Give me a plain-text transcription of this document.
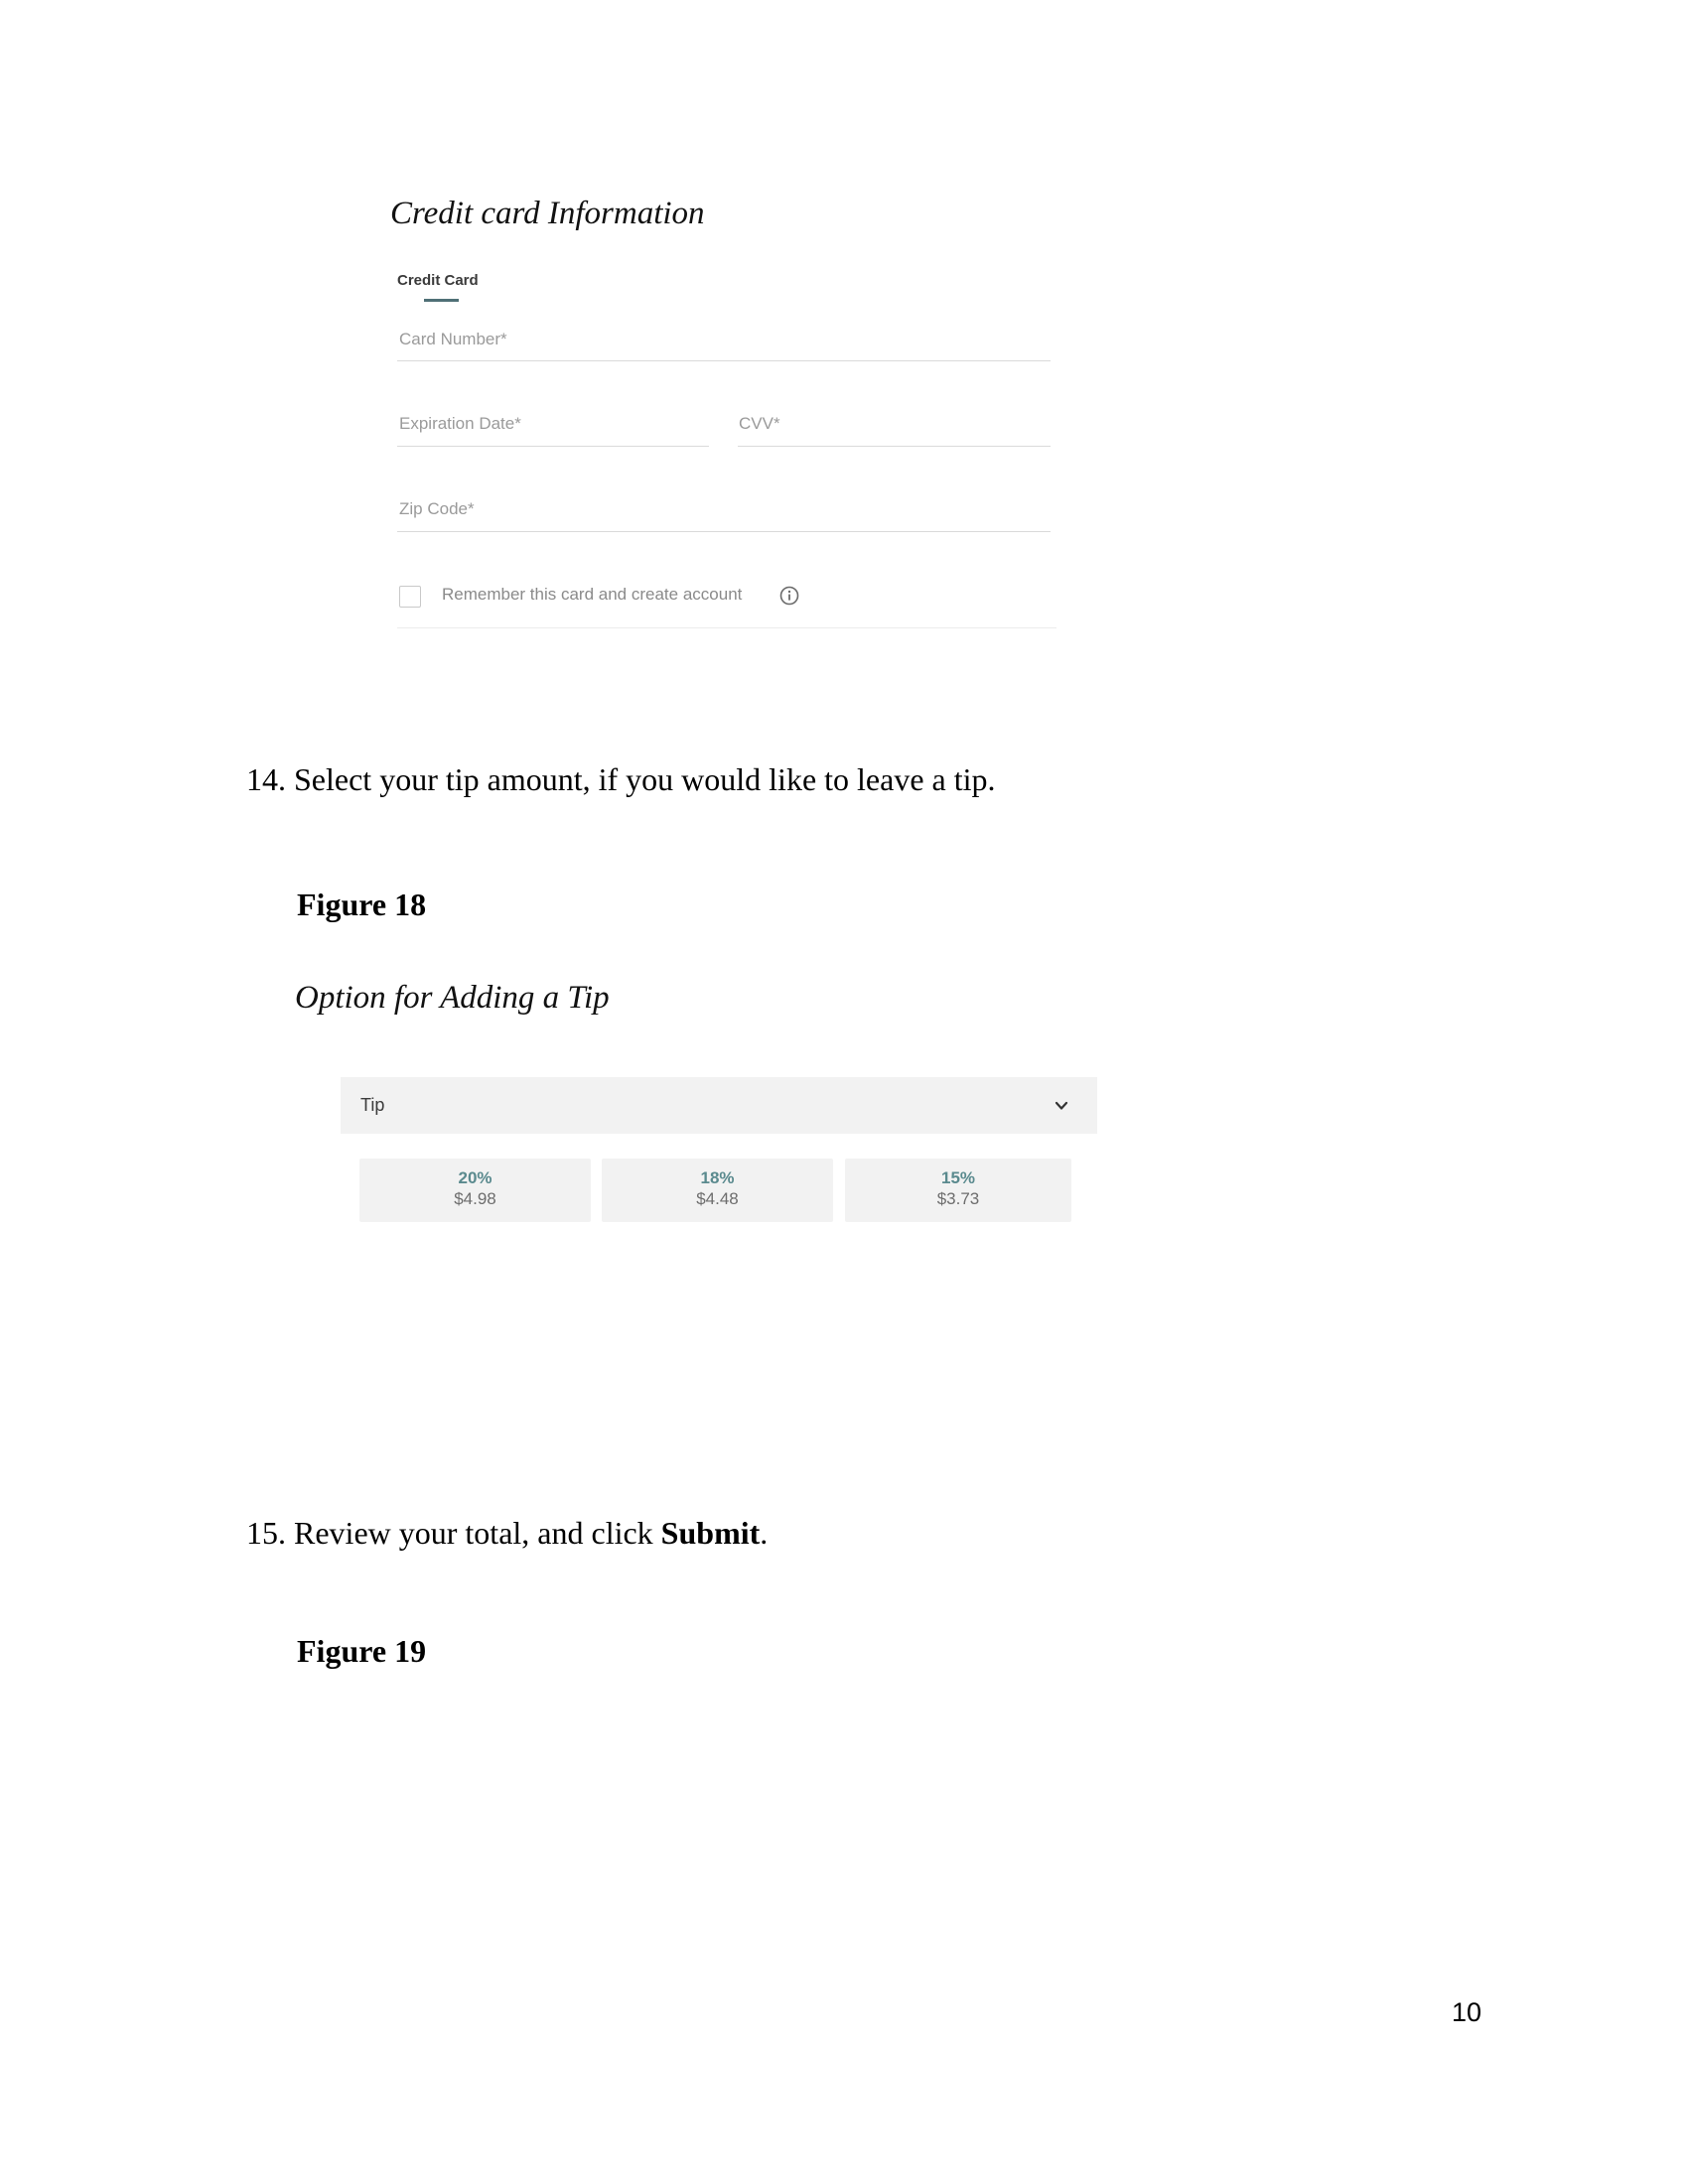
Credit card Information
Credit Card
Card Number*
Expiration Date*	CVV*
Zip Code*
Remember this card and create account
14. Select your tip amount, if you would like to leave a tip.
Figure 18
Option for Adding a Tip
Tip
20%
$4.98
18%
$4.48
15%
$3.73
15. Review your total, and click Submit.
Figure 19
10
